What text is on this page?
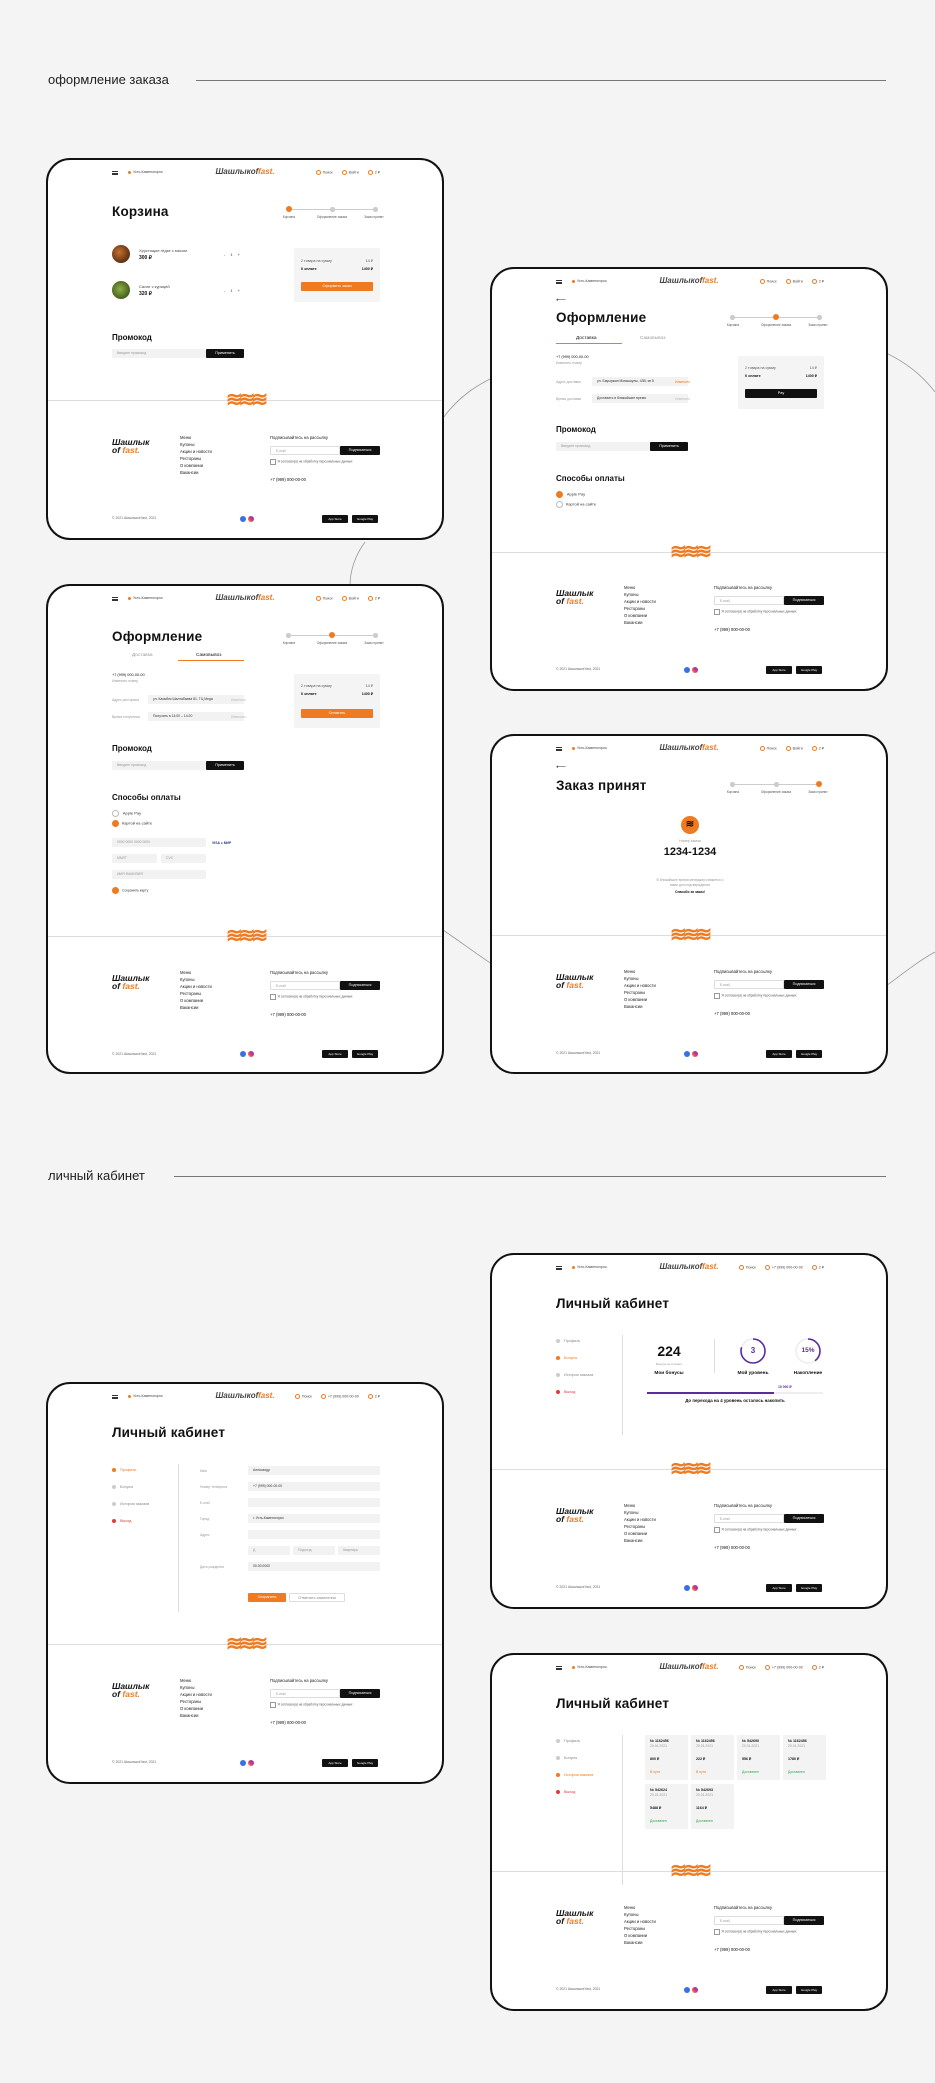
оформление заказа
личный кабинет
Усть-Каменогорск	Шашлыкоffast.	Поиск	Войти	2 ₽
Корзина	Корзина	Оформление заказа	Заказ принят
Хрустящие гёдзе с мясом
300 ₽
- 1 +
Салат с курицей
320 ₽
- 1 +
2 товара на сумму	14 ₽
К оплате	1400 ₽
Оформить заказ
Промокод
Введите промокод	Применить
≋≋≋
Шашлык
оf fast.
Меню
Купоны
Акции и новости
Рестораны
О компании
Вакансии
Подписывайтесь на рассылку
E-mail	Подписаться
Я согласен(а) на обработку персональных данных
+7 (999) 000-00-00
© 2021 Шашлыкоf fast, 2021	App Store	Google Play
Усть-Каменогорск	Шашлыкоffast.	Поиск	Войти	2 ₽
⟵
Оформление	Корзина	Оформление заказа	Заказ принят
Доставка	Самовывоз
+7 (999) 000-00-00
Изменить номер
Адрес доставки	ул. Бауыржан Момышулы, 43В, кв 5	Изменить
Время доставки	Доставить в ближайшее время	Изменить
2 товара на сумму	14 ₽
К оплате	1400 ₽
Pay
Промокод
Введите промокод	Применить
Способы оплаты
Apple Pay
Картой на сайте
≋≋≋
Шашлык
оf fast.
Меню
Купоны
Акции и новости
Рестораны
О компании
Вакансии
Подписывайтесь на рассылку
E-mail	Подписаться
Я согласен(а) на обработку персональных данных
+7 (999) 000-00-00
© 2021 Шашлыкоf fast, 2021	App Store	Google Play
Усть-Каменогорск	Шашлыкоffast.	Поиск	Войти	2 ₽
Оформление	Корзина	Оформление заказа	Заказ принят
Доставка	Самовывоз
+7 (999) 000-00-00
Изменить номер
Адрес ресторана	ул. Казыбек Шалтабаева 81, ТЦ Mega	Изменить
Время получения	Получить в 14:00 – 14:20	Изменить
2 товара на сумму	14 ₽
К оплате	1400 ₽
Оплатить
Промокод
Введите промокод	Применить
Способы оплаты
Apple Pay
Картой на сайте
0000 0000 0000 0000	VISA ● МИР
MM/ГГ	CVC
ИМЯ ФАМИЛИЯ
Сохранить карту
≋≋≋
Шашлык
оf fast.
Меню
Купоны
Акции и новости
Рестораны
О компании
Вакансии
Подписывайтесь на рассылку
E-mail	Подписаться
Я согласен(а) на обработку персональных данных
+7 (999) 000-00-00
© 2021 Шашлыкоf fast, 2021	App Store	Google Play
Усть-Каменогорск	Шашлыкоffast.	Поиск	Войти	2 ₽
⟵
Заказ принят	Корзина	Оформление заказа	Заказ принят
≋
Номер заказа
1234-1234
В ближайшее время менеджер свяжется с вами для подтверждения
Спасибо за заказ!
≋≋≋
Шашлык
оf fast.
Меню
Купоны
Акции и новости
Рестораны
О компании
Вакансии
Подписывайтесь на рассылку
E-mail	Подписаться
Я согласен(а) на обработку персональных данных
+7 (999) 000-00-00
© 2021 Шашлыкоf fast, 2021	App Store	Google Play
Усть-Каменогорск	Шашлыкоffast.	Поиск	+7 (999) 000-00-00	2 ₽
Личный кабинет
Профиль
Бонусы
История заказов
Выход
224
Бонусы не сгорают
Мои бонусы
3
Мой уровень
15%
Накопление
15 000 ₽
До перехода на 4 уровень осталось накопить
≋≋≋
Шашлык
оf fast.
Меню
Купоны
Акции и новости
Рестораны
О компании
Вакансии
Подписывайтесь на рассылку
E-mail	Подписаться
Я согласен(а) на обработку персональных данных
+7 (999) 000-00-00
© 2021 Шашлыкоf fast, 2021	App Store	Google Play
Усть-Каменогорск	Шашлыкоffast.	Поиск	+7 (999) 000-00-00	2 ₽
Личный кабинет
Профиль
Бонусы
История заказов
Выход
Имя	Александр
Номер телефона	+7 (999) 000-00-00
E-mail
Город	г. Усть-Каменогорск
Адрес
Д	Подъезд	Квартира
Дата рождения	00.00.0000
Сохранить	Отменить изменения
≋≋≋
Шашлык
оf fast.
Меню
Купоны
Акции и новости
Рестораны
О компании
Вакансии
Подписывайтесь на рассылку
E-mail	Подписаться
Я согласен(а) на обработку персональных данных
+7 (999) 000-00-00
© 2021 Шашлыкоf fast, 2021	App Store	Google Play
Усть-Каменогорск	Шашлыкоffast.	Поиск	+7 (999) 000-00-00	2 ₽
Личный кабинет
Профиль
Бонусы
История заказов
Выход
№ 1162456
20.01.2021
800 ₽
В пути
№ 1162456
20.01.2021
222 ₽
В пути
№ 542690
20.01.2021
556 ₽
Доставлен
№ 1162456
20.01.2021
1780 ₽
Доставлен
№ 542624
20.01.2021
5488 ₽
Доставлен
№ 542693
20.01.2021
1164 ₽
Доставлен
≋≋≋
Шашлык
оf fast.
Меню
Купоны
Акции и новости
Рестораны
О компании
Вакансии
Подписывайтесь на рассылку
E-mail	Подписаться
Я согласен(а) на обработку персональных данных
+7 (999) 000-00-00
© 2021 Шашлыкоf fast, 2021	App Store	Google Play
